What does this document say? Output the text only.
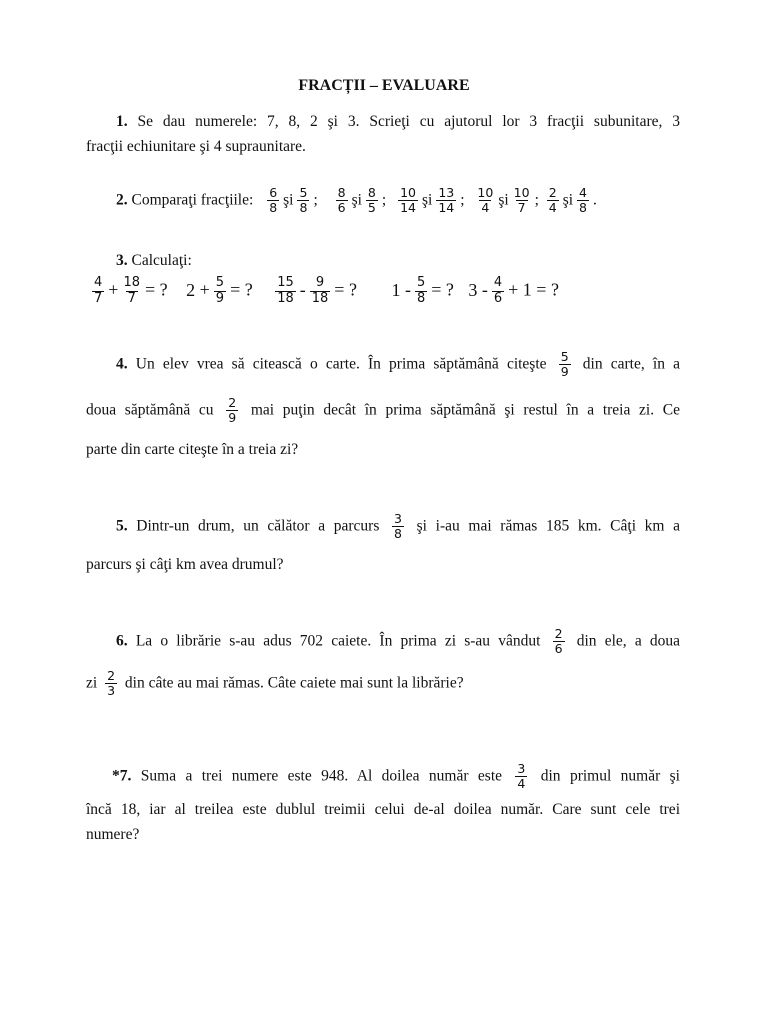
FRACȚII – EVALUARE
1. Se dau numerele: 7, 8, 2 şi 3. Scrieţi cu ajutorul lor 3 fracţii subunitare, 3
fracţii echiunitare şi 4 supraunitare.
2. Comparaţi fracţiile: $\frac{6}{8}$ şi $\frac{5}{8}$ ; $\frac{8}{6}$ şi $\frac{8}{5}$ ; $\frac{10}{14}$ şi $\frac{13}{14}$ ; $\frac{10}{4}$ şi $\frac{10}{7}$ ; $\frac{2}{4}$ şi $\frac{4}{8}$ .
3. Calculaţi:
$\frac{4}{7} + \frac{18}{7}$ = ? $2 + \frac{5}{9}$ = ? $\frac{15}{18} - \frac{9}{18}$ = ? $1 - \frac{5}{8}$ = ? $3 - \frac{4}{6} + 1$ = ?
4. Un elev vrea să citească o carte. În prima săptămână citeşte $\frac{5}{9}$ din carte, în a
doua săptămână cu $\frac{2}{9}$ mai puţin decât în prima săptămână şi restul în a treia zi. Ce
parte din carte citeşte în a treia zi?
5. Dintr-un drum, un călător a parcurs $\frac{3}{8}$ şi i-au mai rămas 185 km. Câţi km a
parcurs şi câţi km avea drumul?
6. La o librărie s-au adus 702 caiete. În prima zi s-au vândut $\frac{2}{6}$ din ele, a doua
zi $\frac{2}{3}$ din câte au mai rămas. Câte caiete mai sunt la librărie?
*7. Suma a trei numere este 948. Al doilea număr este $\frac{3}{4}$ din primul număr şi
încă 18, iar al treilea este dublul treimii celui de-al doilea număr. Care sunt cele trei
numere?
